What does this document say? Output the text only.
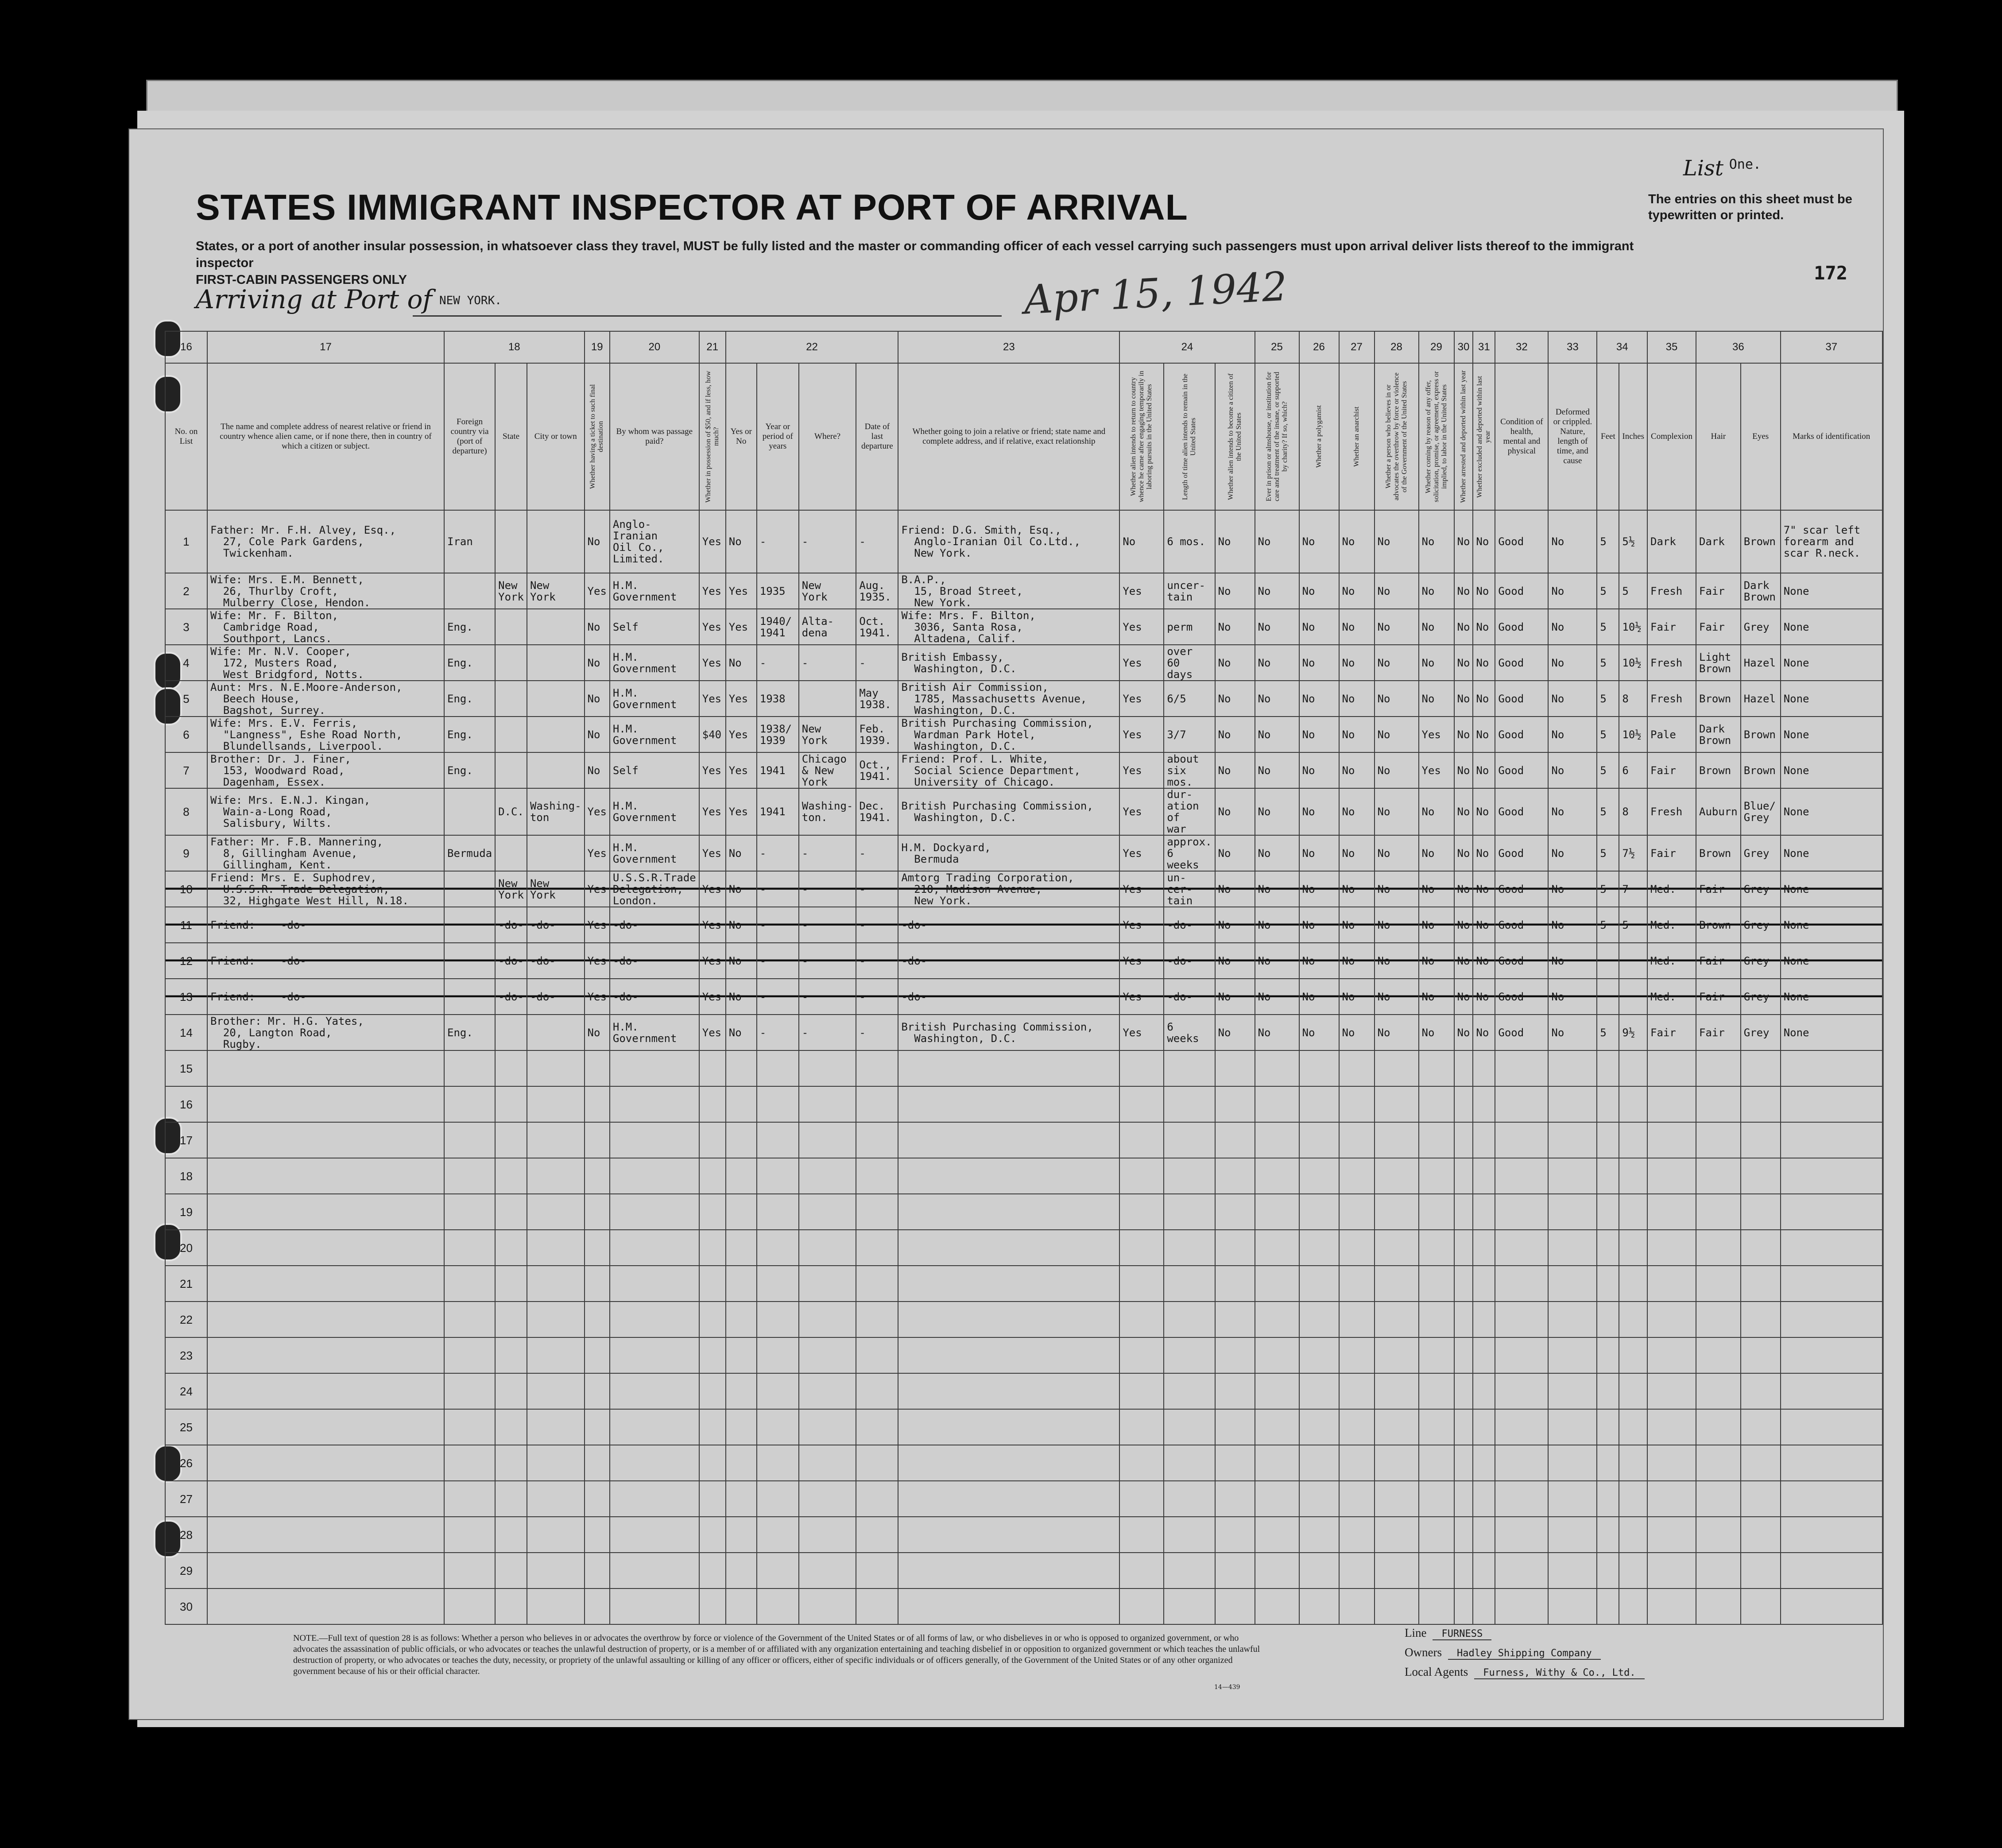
STATES IMMIGRANT INSPECTOR AT PORT OF ARRIVAL
States, or a port of another insular possession, in whatsoever class they travel, MUST be fully listed and the master or commanding officer of each vessel carrying such passengers must upon arrival deliver lists thereof to the immigrant inspector
FIRST-CABIN PASSENGERS ONLY
List One.
The entries on this sheet must be typewritten or printed.
172
Arriving at Port of NEW YORK.	Apr 15, 1942
16	17	18			19	20	21	22				23	24			25	26	27	28	29	30	31	32	33	34		35	36		37
No. on List	The name and complete address of nearest relative or friend in country whence alien came, or if none there, then in country of which a citizen or subject.	Foreign country via (port of departure)	State	City or town	Whether having a ticket to such final destination	By whom was passage paid?	Whether in possession of $50, and if less, how much?	Yes or No	Year or period of years	Where?	Date of last departure	Whether going to join a relative or friend; state name and complete address, and if relative, exact relationship	Whether alien intends to return to country whence he came after engaging temporarily in laboring pursuits in the United States	Length of time alien intends to remain in the United States	Whether alien intends to become a citizen of the United States	Ever in prison or almshouse, or institution for care and treatment of the insane, or supported by charity? If so, which?	Whether a polygamist	Whether an anarchist	Whether a person who believes in or advocates the overthrow by force or violence of the Government of the United States	Whether coming by reason of any offer, solicitation, promise, or agreement, express or implied, to labor in the United States	Whether arrested and deported within last year	Whether excluded and deported within last year	Condition of health, mental and physical	Deformed or crippled. Nature, length of time, and cause	Feet	Inches	Complexion	Hair	Eyes	Marks of identification
1	Father: Mr. F.H. Alvey, Esq.,
27, Cole Park Gardens,
Twickenham.	Iran			No	Anglo-
Iranian
Oil Co.,
Limited.	Yes	No	-	-	-	Friend: D.G. Smith, Esq.,
Anglo-Iranian Oil Co.Ltd.,
New York.	No	6 mos.	No	No	No	No	No	No	No	No	Good	No	5	5½	Dark	Dark	Brown	7" scar left
forearm and
scar R.neck.
2	Wife: Mrs. E.M. Bennett,
26, Thurlby Croft,
Mulberry Close, Hendon.		New
York	New
York	Yes	H.M.
Government	Yes	Yes	1935	New
York	Aug.
1935.	B.A.P.,
15, Broad Street,
New York.	Yes	uncer-
tain	No	No	No	No	No	No	No	No	Good	No	5	5	Fresh	Fair	Dark
Brown	None
3	Wife: Mr. F. Bilton,
Cambridge Road,
Southport, Lancs.	Eng.			No	Self	Yes	Yes	1940/
1941	Alta-
dena	Oct.
1941.	Wife: Mrs. F. Bilton,
3036, Santa Rosa,
Altadena, Calif.	Yes	perm	No	No	No	No	No	No	No	No	Good	No	5	10½	Fair	Fair	Grey	None
4	Wife: Mr. N.V. Cooper,
172, Musters Road,
West Bridgford, Notts.	Eng.			No	H.M.
Government	Yes	No	-	-	-	British Embassy,
Washington, D.C.	Yes	over
60
days	No	No	No	No	No	No	No	No	Good	No	5	10½	Fresh	Light
Brown	Hazel	None
5	Aunt: Mrs. N.E.Moore-Anderson,
Beech House,
Bagshot, Surrey.	Eng.			No	H.M.
Government	Yes	Yes	1938		May
1938.	British Air Commission,
1785, Massachusetts Avenue,
Washington, D.C.	Yes	6/5	No	No	No	No	No	No	No	No	Good	No	5	8	Fresh	Brown	Hazel	None
6	Wife: Mrs. E.V. Ferris,
"Langness", Eshe Road North,
Blundellsands, Liverpool.	Eng.			No	H.M.
Government	$40	Yes	1938/
1939	New
York	Feb.
1939.	British Purchasing Commission,
Wardman Park Hotel,
Washington, D.C.	Yes	3/7	No	No	No	No	No	Yes	No	No	Good	No	5	10½	Pale	Dark
Brown	Brown	None
7	Brother: Dr. J. Finer,
153, Woodward Road,
Dagenham, Essex.	Eng.			No	Self	Yes	Yes	1941	Chicago
& New
York	Oct.,
1941.	Friend: Prof. L. White,
Social Science Department,
University of Chicago.	Yes	about
six
mos.	No	No	No	No	No	Yes	No	No	Good	No	5	6	Fair	Brown	Brown	None
8	Wife: Mrs. E.N.J. Kingan,
Wain-a-Long Road,
Salisbury, Wilts.		D.C.	Washing-
ton	Yes	H.M.
Government	Yes	Yes	1941	Washing-
ton.	Dec.
1941.	British Purchasing Commission,
Washington, D.C.	Yes	dur-
ation
of
war	No	No	No	No	No	No	No	No	Good	No	5	8	Fresh	Auburn	Blue/
Grey	None
9	Father: Mr. F.B. Mannering,
8, Gillingham Avenue,
Gillingham, Kent.	Bermuda			Yes	H.M.
Government	Yes	No	-	-	-	H.M. Dockyard,
Bermuda	Yes	approx.
6
weeks	No	No	No	No	No	No	No	No	Good	No	5	7½	Fair	Brown	Grey	None
10	Friend: Mrs. E. Suphodrev,
U.S.S.R. Trade Delegation,
32, Highgate West Hill, N.18.		New
York	New
York	Yes	U.S.S.R.Trade
Delegation,
London.	Yes	No	-	-	-	Amtorg Trading Corporation,
210, Madison Avenue,
New York.	Yes	un-
cer-
tain	No	No	No	No	No	No	No	No	Good	No	5	7	Med.	Fair	Grey	None
11	Friend:    -do-		-do-	-do-	Yes	-do-	Yes	No	-	-	-	-do-	Yes	-do-	No	No	No	No	No	No	No	No	Good	No	5	5	Med.	Brown	Grey	None
12	Friend:    -do-		-do-	-do-	Yes	-do-	Yes	No	-	-	-	-do-	Yes	-do-	No	No	No	No	No	No	No	No	Good	No			Med.	Fair	Grey	None
13	Friend:    -do-		-do-	-do-	Yes	-do-	Yes	No	-	-	-	-do-	Yes	-do-	No	No	No	No	No	No	No	No	Good	No			Med.	Fair	Grey	None
14	Brother: Mr. H.G. Yates,
20, Langton Road,
Rugby.	Eng.			No	H.M.
Government	Yes	No	-	-	-	British Purchasing Commission,
Washington, D.C.	Yes	6
weeks	No	No	No	No	No	No	No	No	Good	No	5	9½	Fair	Fair	Grey	None
15																														
16																														
17																														
18																														
19																														
20																														
21																														
22																														
23																														
24																														
25																														
26																														
27																														
28																														
29																														
30																														
NOTE.—Full text of question 28 is as follows: Whether a person who believes in or advocates the overthrow by force or violence of the Government of the United States or of all forms of law, or who disbelieves in or who is opposed to organized government, or who advocates the assassination of public officials, or who advocates or teaches the unlawful destruction of property, or is a member of or affiliated with any organization entertaining and teaching disbelief in or opposition to organized government or which teaches the unlawful destruction of property, or who advocates or teaches the duty, necessity, or propriety of the unlawful assaulting or killing of any officer or officers, either of specific individuals or of officers generally, of the Government of the United States or of any other organized government because of his or their official character.
14—439
Line FURNESS
Owners Hadley Shipping Company
Local Agents Furness, Withy & Co., Ltd.
